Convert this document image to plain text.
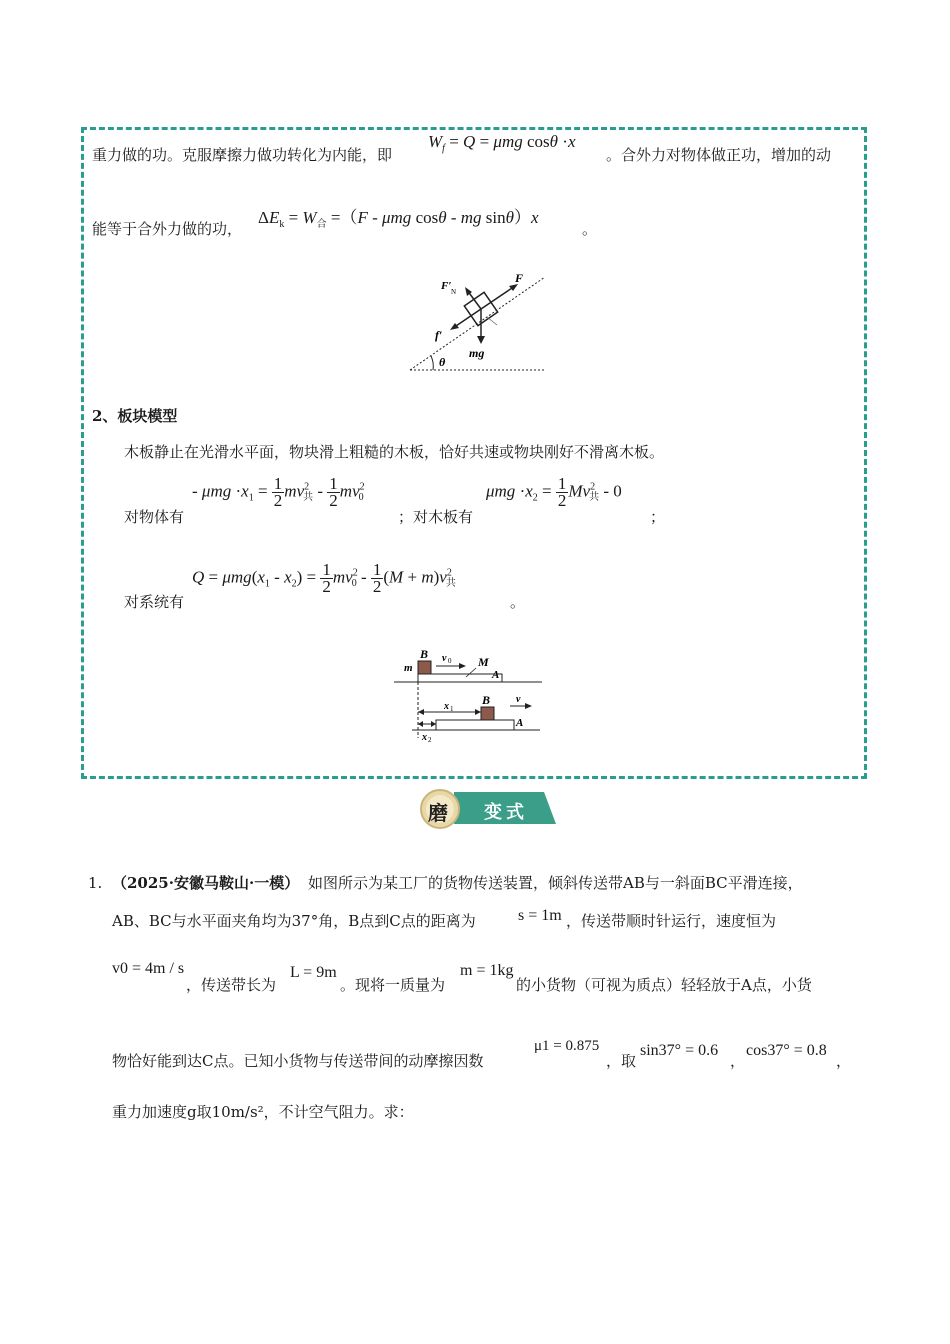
重力做的功。克服摩擦力做功转化为内能，即
$W_f = Q = \mu mg$ cosθ ·x
。合外力对物体做正功，增加的动
能等于合外力做的功，
$\Delta E_k = W_合 =(F - \mu mg$ cosθ - mg sinθ）x
。
θ
F
F′ N
f′
mg
2、板块模型
木板静止在光滑水平面，物块滑上粗糙的木板，恰好共速或物块刚好不滑离木板。
对物体有
- $\mu mg \cdot x_1 = \frac{1}{2} mv^2_共 - \frac{1}{2} mv^2_0$
；对木板有
$\mu mg \cdot x_2 = \frac{1}{2} Mv^2_共 - 0$
；
对系统有
$Q = \mu mg(x_1 - x_2) = \frac{1}{2} mv^2_0 - \frac{1}{2} (M + m)v^2_共$
。
B
m
v 0 M
A
B	v
A
x 1
x 2
磨 变式
1. （2025·安徽马鞍山·一模） 如图所示为某工厂的货物传送装置，倾斜传送带AB与一斜面BC平滑连接，
AB、BC与水平面夹角均为37°角，B点到C点的距离为	s = 1m ，传送带顺时针运行，速度恒为
v0 = 4m / s
，传送带长为
L = 9m
。现将一质量为
m = 1kg
的小货物（可视为质点）轻轻放于A点，小货
物恰好能到达C点。已知小货物与传送带间的动摩擦因数
μ1 = 0.875
，取
sin37° = 0.6
，
cos37° = 0.8
，
重力加速度g取10m/s²，不计空气阻力。求：
